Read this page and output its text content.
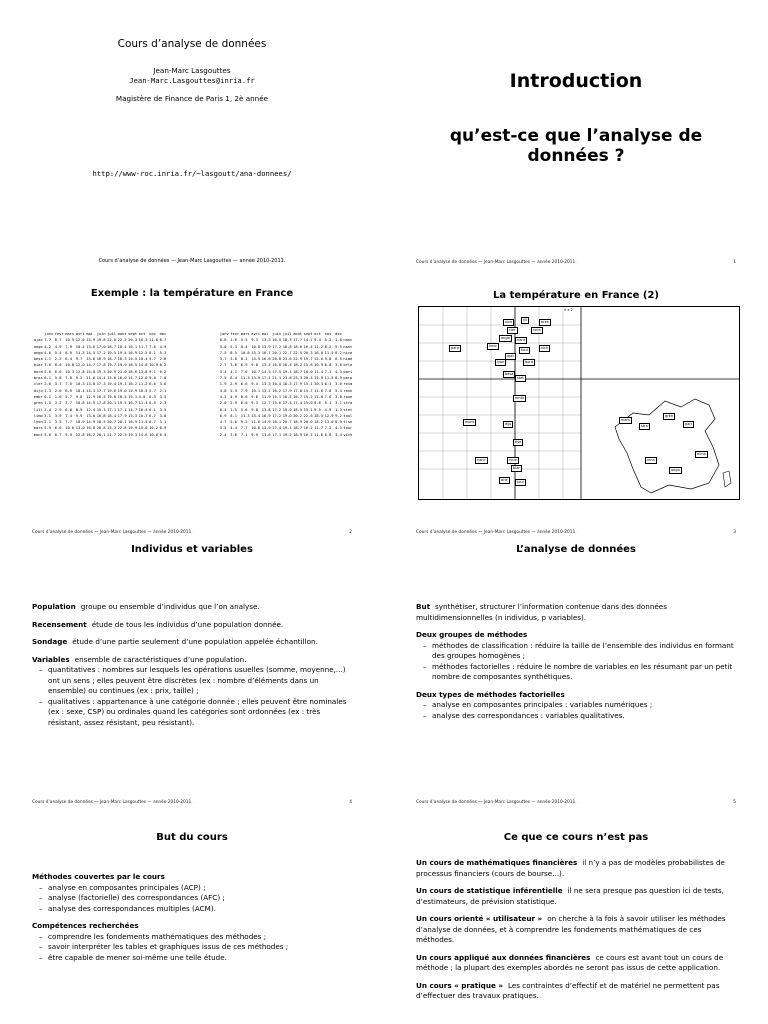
Cours d’analyse de données
Jean-Marc Lasgouttes
Jean-Marc.Lasgouttes@inria.fr
Magistère de Finance de Paris 1, 2è année
http://www-roc.inria.fr/~lasgoutt/ana-donnees/
Cours d’analyse de données — Jean-Marc Lasgouttes — année 2010-2011.
Introduction
qu’est-ce que l’analyse de données ?
Cours d’analyse de données — Jean-Marc Lasgouttes — année 2010-2011.	1
Exemple : la température en France
	janv	fevr	mars	avri	mai	juin	juil	aout	sept	oct	nov	dec
ajac	7.7	8.7	10.5	12.6	15.9	19.8	22.0	22.2	20.3	16.3	11.8	8.7
ange	4.2	4.9	7.9	10.4	13.6	17.0	18.7	18.4	16.1	11.7	7.6	4.9
ango	4.6	5.4	8.9	11.3	14.5	17.2	19.5	19.4	16.9	12.5	8.1	5.3
besa	1.1	2.2	6.4	9.7	13.6	16.9	18.7	18.3	15.5	10.4	5.7	2.0
biar	7.6	8.0	10.8	12.0	14.7	17.8	19.7	19.9	18.5	14.8	10.9	8.2
bord	5.6	6.6	10.3	12.8	15.8	19.3	20.9	21.0	18.6	13.8	9.1	6.2
bres	6.1	5.8	7.8	9.2	11.6	14.4	15.6	16.0	14.7	12.0	9.0	7.0
cler	2.6	3.7	7.5	10.3	13.8	17.3	19.4	19.1	16.2	11.2	6.6	3.6
dijo	1.3	2.6	6.9	10.4	14.3	17.7	19.6	19.0	15.9	10.5	5.7	2.1
embr	0.1	1.6	5.7	9.0	12.9	16.5	19.0	18.5	15.1	4.0	6.3	3.5
gren	1.5	3.2	7.7	10.6	14.5	17.8	20.1	19.5	16.7	11.4	6.5	2.3
lill	2.4	2.9	6.0	8.9	12.4	15.3	17.1	17.1	14.7	10.4	6.1	3.5
limo	3.1	3.9	7.4	9.9	13.0	16.8	18.4	17.9	15.3	10.7	6.7	3.8
lyon	2.1	3.3	7.7	10.9	14.9	18.5	20.7	20.1	16.9	11.4	6.7	3.1
mars	5.5	6.6	10.0	13.0	16.8	20.8	23.3	22.8	19.9	15.0	10.2	6.9
mont	5.6	6.7	9.9	12.8	16.2	20.1	22.7	22.3	19.3	14.6	10.0	6.5
janv	fevr	mars	avri	mai	juin	juil	aout	sept	oct	nov	dec	
0.8	1.6	5.5	9.3	13.3	16.5	18.3	17.7	14.7	9.4	5.2	1.8	nanc
5.0	5.3	8.4	10.8	13.9	17.2	18.8	18.6	16.4	12.2	8.2	5.5	nant
7.5	8.5	10.8	13.3	16.7	20.1	22.7	22.5	20.3	16.0	11.5	8.2	nice
3.7	3.8	8.1	13.5	16.6	20.8	23.6	22.9	19.7	12.6	9.8	6.5	nime
2.7	3.6	6.9	9.8	13.4	16.8	18.4	18.2	15.6	10.9	6.8	3.6	orle
3.4	4.1	7.6	10.7	14.3	17.5	19.1	18.7	16.0	11.4	7.1	4.3	pari
7.5	8.4	11.3	13.9	17.1	21.1	23.8	23.3	20.5	15.9	11.5	8.9	perp
1.9	2.9	6.6	9.4	13.3	16.4	18.3	17.9	15.1	10.3	6.1	3.0	reim
4.8	5.3	7.9	10.1	13.1	16.2	17.9	17.8	15.7	11.6	7.8	5.4	renn
4.3	4.9	8.6	9.6	11.9	15.1	16.5	16.7	15.2	11.0	7.6	3.0	roue
2.0	2.9	6.0	9.3	12.7	15.6	17.4	17.4	15.0	9.6	5.1	3.1	stra
0.4	1.5	5.6	9.8	13.8	17.2	19.0	18.5	15.1	9.5	4.9	1.3	stet
6.9	8.1	11.3	13.4	16.9	17.2	19.0	20.2	22.6	18.5	12.9	9.2	toul
4.7	5.6	9.2	11.6	14.9	18.1	20.7	18.9	20.0	18.2	13.0	8.9	tlse
3.5	4.4	7.7	10.6	13.9	17.4	19.1	18.7	16.2	11.7	7.2	4.3	tour
2.4	3.6	7.1	9.9	13.6	17.1	19.2	18.9	16.1	11.6	6.8	3.4	vich
Cours d’analyse de données — Jean-Marc Lasgouttes — année 2010-2011.	2
La température en France (2)
0 x 2
nice	lill	bres
cler	reim
ange	nant
perp	limo
tour	vich
ajac
lyon	bord
besa
stet
embr
mont	dijo
tlse
nanc	roue
biar
orle	toul
mars
stra
gren
pari
renn
ango
nime
Cours d’analyse de données — Jean-Marc Lasgouttes — année 2010-2011.	3
Individus et variables
Population groupe ou ensemble d’individus que l’on analyse.
Recensement étude de tous les individus d’une population donnée.
Sondage étude d’une partie seulement d’une population appelée échantillon.
Variables ensemble de caractéristiques d’une population.
– quantitatives : nombres sur lesquels les opérations usuelles (somme, moyenne,...) ont un sens ; elles peuvent être discrètes (ex : nombre d’éléments dans un ensemble) ou continues (ex : prix, taille) ;
– qualitatives : appartenance à une catégorie donnée ; elles peuvent être nominales (ex : sexe, CSP) ou ordinales quand les catégories sont ordonnées (ex : très résistant, assez résistant, peu résistant).
Cours d’analyse de données — Jean-Marc Lasgouttes — année 2010-2011.	4
L’analyse de données
But synthétiser, structurer l’information contenue dans des données multidimensionnelles (n individus, p variables).
Deux groupes de méthodes
– méthodes de classification : réduire la taille de l’ensemble des individus en formant des groupes homogènes ;
– méthodes factorielles : réduire le nombre de variables en les résumant par un petit nombre de composantes synthétiques.
Deux types de méthodes factorielles
– analyse en composantes principales : variables numériques ;
– analyse des correspondances : variables qualitatives.
Cours d’analyse de données — Jean-Marc Lasgouttes — année 2010-2011.	5
But du cours
Méthodes couvertes par le cours
– analyse en composantes principales (ACP) ;
– analyse (factorielle) des correspondances (AFC) ;
– analyse des correspondances multiples (ACM).
Compétences recherchées
– comprendre les fondements mathématiques des méthodes ;
– savoir interpréter les tables et graphiques issus de ces méthodes ;
– être capable de mener soi-même une telle étude.
Ce que ce cours n’est pas
Un cours de mathématiques financières il n’y a pas de modèles probabilistes de processus financiers (cours de bourse...).
Un cours de statistique inférentielle il ne sera presque pas question ici de tests, d’estimateurs, de prévision statistique.
Un cours orienté « utilisateur » on cherche à la fois à savoir utiliser les méthodes d’analyse de données, et à comprendre les fondements mathématiques de ces méthodes.
Un cours appliqué aux données financières ce cours est avant tout un cours de méthode ; la plupart des exemples abordés ne seront pas issus de cette application.
Un cours « pratique » Les contraintes d’effectif et de matériel ne permettent pas d’effectuer des travaux pratiques.
